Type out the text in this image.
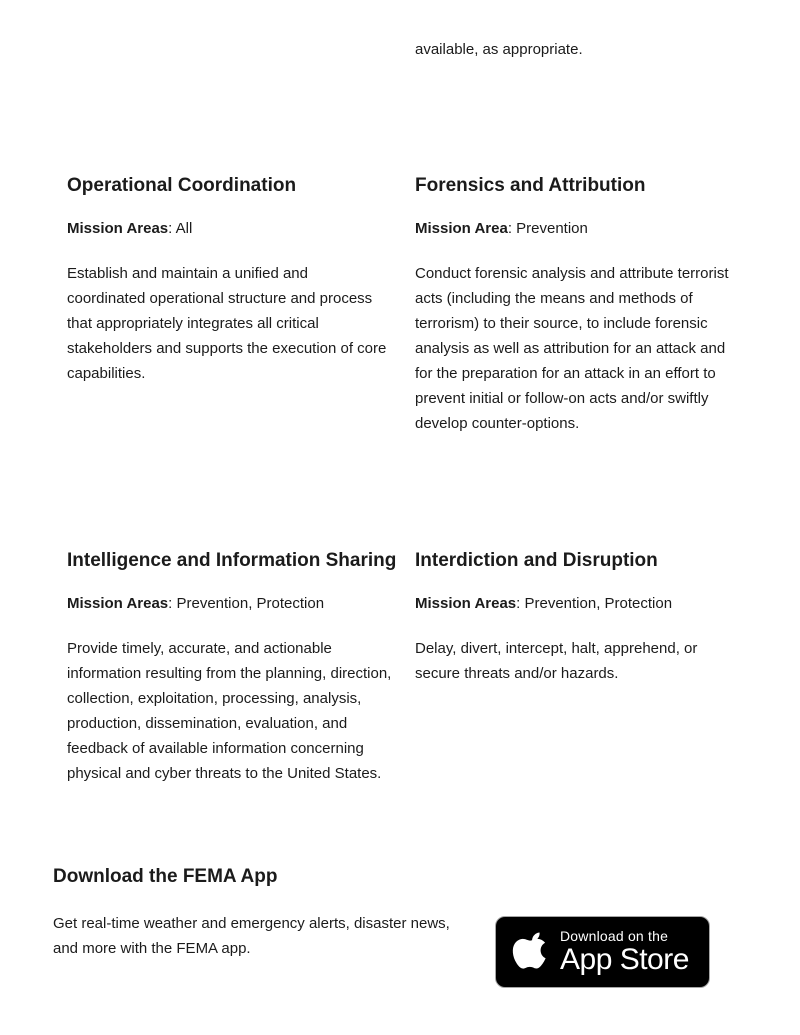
available, as appropriate.

Operational Coordination

Mission Areas: All

Establish and maintain a unified and coordinated operational structure and process that appropriately integrates all critical stakeholders and supports the execution of core capabilities.

Forensics and Attribution

Mission Area: Prevention

Conduct forensic analysis and attribute terrorist acts (including the means and methods of terrorism) to their source, to include forensic analysis as well as attribution for an attack and for the preparation for an attack in an effort to prevent initial or follow-on acts and/or swiftly develop counter-options.

Intelligence and Information Sharing

Mission Areas: Prevention, Protection

Provide timely, accurate, and actionable information resulting from the planning, direction, collection, exploitation, processing, analysis, production, dissemination, evaluation, and feedback of available information concerning physical and cyber threats to the United States.

Interdiction and Disruption

Mission Areas: Prevention, Protection

Delay, divert, intercept, halt, apprehend, or secure threats and/or hazards.

Download the FEMA App

Get real-time weather and emergency alerts, disaster news, and more with the FEMA app.

Download on the
App Store
